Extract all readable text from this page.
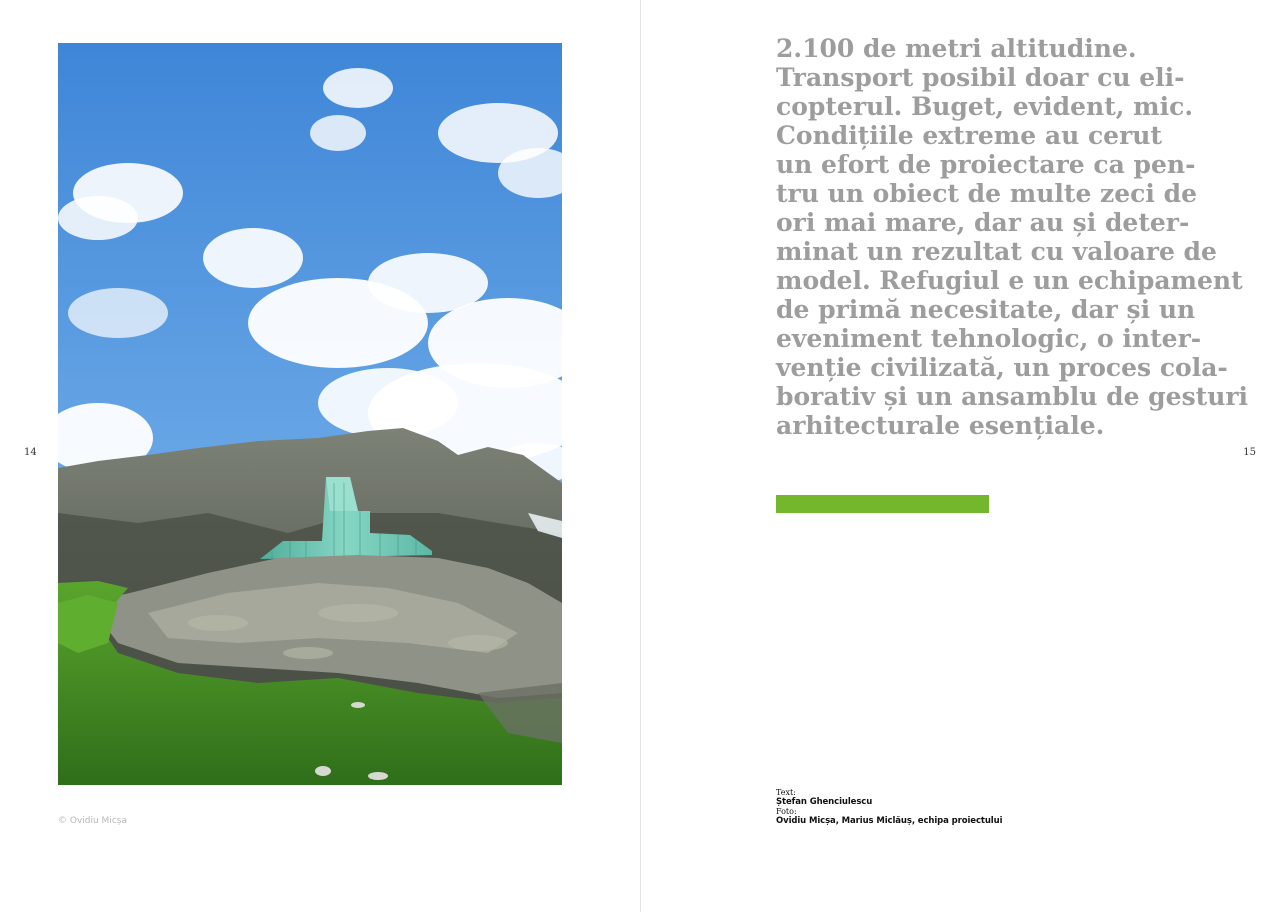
14
© Ovidiu Micșa
15

2.100 de metri altitudine.
Transport posibil doar cu eli-
copterul. Buget, evident, mic.
Condițiile extreme au cerut
un efort de proiectare ca pen-
tru un obiect de multe zeci de
ori mai mare, dar au și deter-
minat un rezultat cu valoare de
model. Refugiul e un echipament
de primă necesitate, dar și un
eveniment tehnologic, o inter-
venție civilizată, un proces cola-
borativ și un ansamblu de gesturi
arhitecturale esențiale.

Text:
Ștefan Ghenciulescu
Foto:
Ovidiu Micșa, Marius Miclăuș, echipa proiectului
